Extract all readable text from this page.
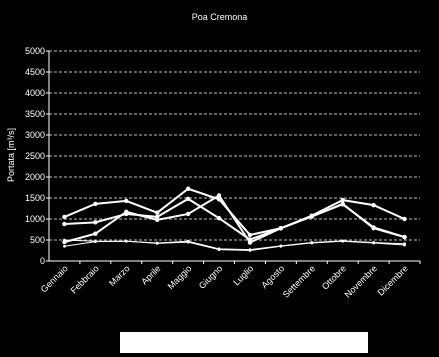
Poa Cremona
0
500
1000
1500
2000
2500
3000
3500
4000
4500
5000
Gennaio
Febbraio Marzo Aprile Maggio Giugno Luglio Agosto
Settembre Ottobre
Novembre
Dicembre
Portata [m³/s]
